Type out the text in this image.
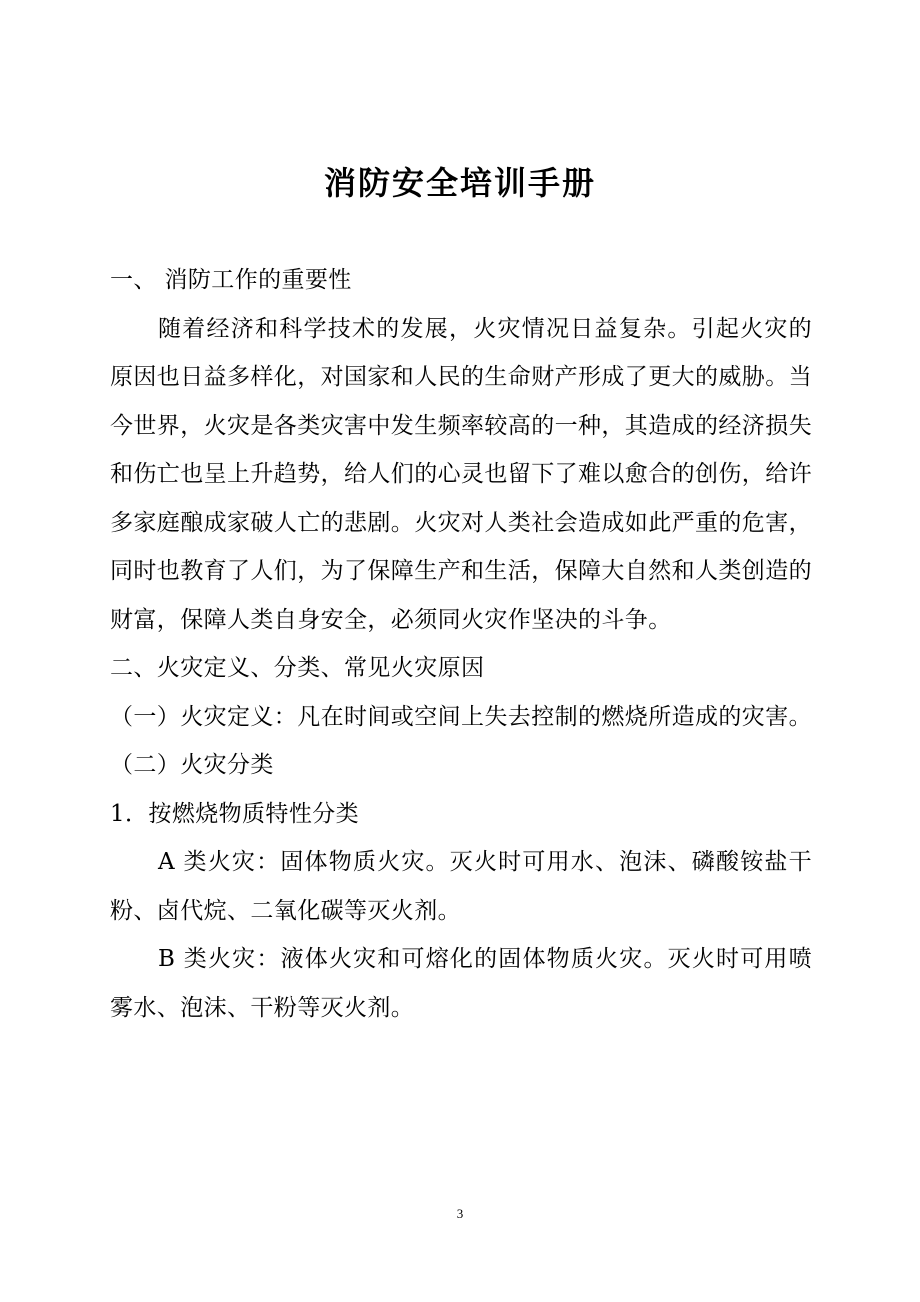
消防安全培训手册

一、 消防工作的重要性

随着经济和科学技术的发展，火灾情况日益复杂。引起火灾的原因也日益多样化，对国家和人民的生命财产形成了更大的威胁。当今世界，火灾是各类灾害中发生频率较高的一种，其造成的经济损失和伤亡也呈上升趋势，给人们的心灵也留下了难以愈合的创伤，给许多家庭酿成家破人亡的悲剧。火灾对人类社会造成如此严重的危害，同时也教育了人们，为了保障生产和生活，保障大自然和人类创造的财富，保障人类自身安全，必须同火灾作坚决的斗争。

二、火灾定义、分类、常见火灾原因

（一）火灾定义：凡在时间或空间上失去控制的燃烧所造成的灾害。

（二）火灾分类

1．按燃烧物质特性分类

A 类火灾：固体物质火灾。灭火时可用水、泡沫、磷酸铵盐干粉、卤代烷、二氧化碳等灭火剂。

B 类火灾：液体火灾和可熔化的固体物质火灾。灭火时可用喷雾水、泡沫、干粉等灭火剂。

3
